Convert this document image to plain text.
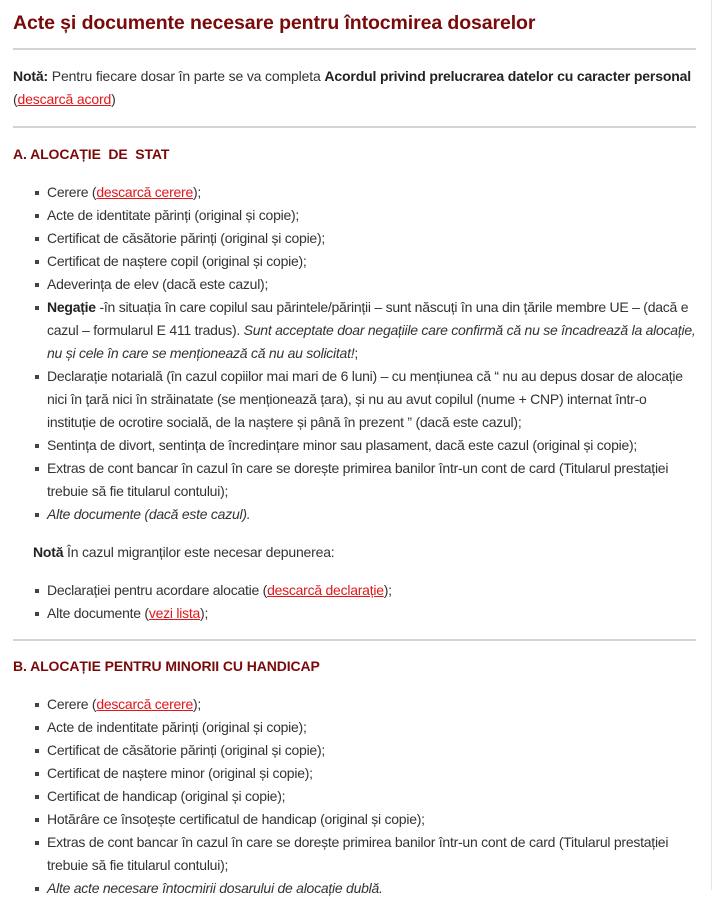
Acte și documente necesare pentru întocmirea dosarelor

Notă: Pentru fiecare dosar în parte se va completa Acordul privind prelucrarea datelor cu caracter personal (descarcă acord)

A. ALOCAȚIE  DE  STAT
Cerere (descarcă cerere);
Acte de identitate părinți (original și copie);
Certificat de căsătorie părinți (original și copie);
Certificat de naștere copil (original și copie);
Adeverința de elev (dacă este cazul);
Negație -în situația în care copilul sau părintele/părinții – sunt născuți în una din țările membre UE – (dacă e cazul – formularul E 411 tradus). Sunt acceptate doar negațiile care confirmă că nu se încadrează la alocație, nu și cele în care se menționează că nu au solicitat!;
Declarație notarială (în cazul copiilor mai mari de 6 luni) – cu mențiunea că “ nu au depus dosar de alocație nici în țară nici în străinatate (se menționează țara), și nu au avut copilul (nume + CNP) internat într-o instituție de ocrotire socială, de la naștere și până în prezent ” (dacă este cazul);
Sentința de divort, sentința de încredințare minor sau plasament, dacă este cazul (original și copie);
Extras de cont bancar în cazul în care se dorește primirea banilor într-un cont de card (Titularul prestației trebuie să fie titularul contului);
Alte documente (dacă este cazul).

Notă În cazul migranților este necesar depunerea:

Declarației pentru acordare alocatie (descarcă declarație);
Alte documente (vezi lista);
B. ALOCAȚIE PENTRU MINORII CU HANDICAP
Cerere (descarcă cerere);
Acte de indentitate părinți (original și copie);
Certificat de căsătorie părinți (original și copie);
Certificat de naștere minor (original și copie);
Certificat de handicap (original și copie);
Hotărâre ce însoțește certificatul de handicap (original și copie);
Extras de cont bancar în cazul în care se dorește primirea banilor într-un cont de card (Titularul prestației trebuie să fie titularul contului);
Alte acte necesare întocmirii dosarului de alocație dublă.
